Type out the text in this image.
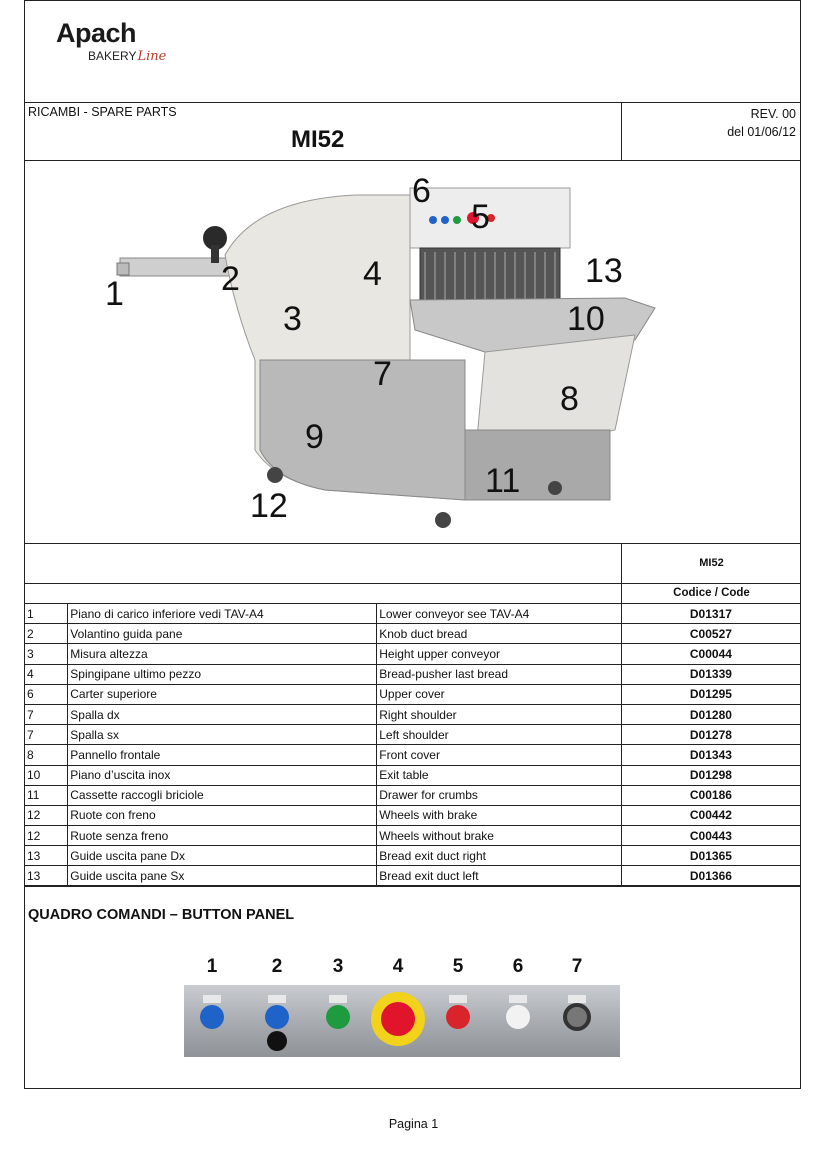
Apach
BAKERYLine
RICAMBI - SPARE PARTS
MI52
REV. 00
del 01/06/12
1	2
3
4
5
6
7
8
9
10
11
12
13
MI52
Codice / Code
1	Piano di carico inferiore vedi TAV-A4	Lower conveyor see TAV-A4	D01317
2	Volantino guida pane	Knob duct bread	C00527
3	Misura altezza	Height upper conveyor	C00044
4	Spingipane ultimo pezzo	Bread-pusher last bread	D01339
6	Carter superiore	Upper cover	D01295
7	Spalla dx	Right shoulder	D01280
7	Spalla sx	Left shoulder	D01278
8	Pannello frontale	Front cover	D01343
10	Piano d’uscita inox	Exit table	D01298
11	Cassette raccogli briciole	Drawer for crumbs	C00186
12	Ruote con freno	Wheels with brake	C00442
12	Ruote senza freno	Wheels without brake	C00443
13	Guide uscita pane Dx	Bread exit duct right	D01365
13	Guide uscita pane Sx	Bread exit duct left	D01366
QUADRO COMANDI – BUTTON PANEL
1	2	3	4	5	6	7
Pagina 1
